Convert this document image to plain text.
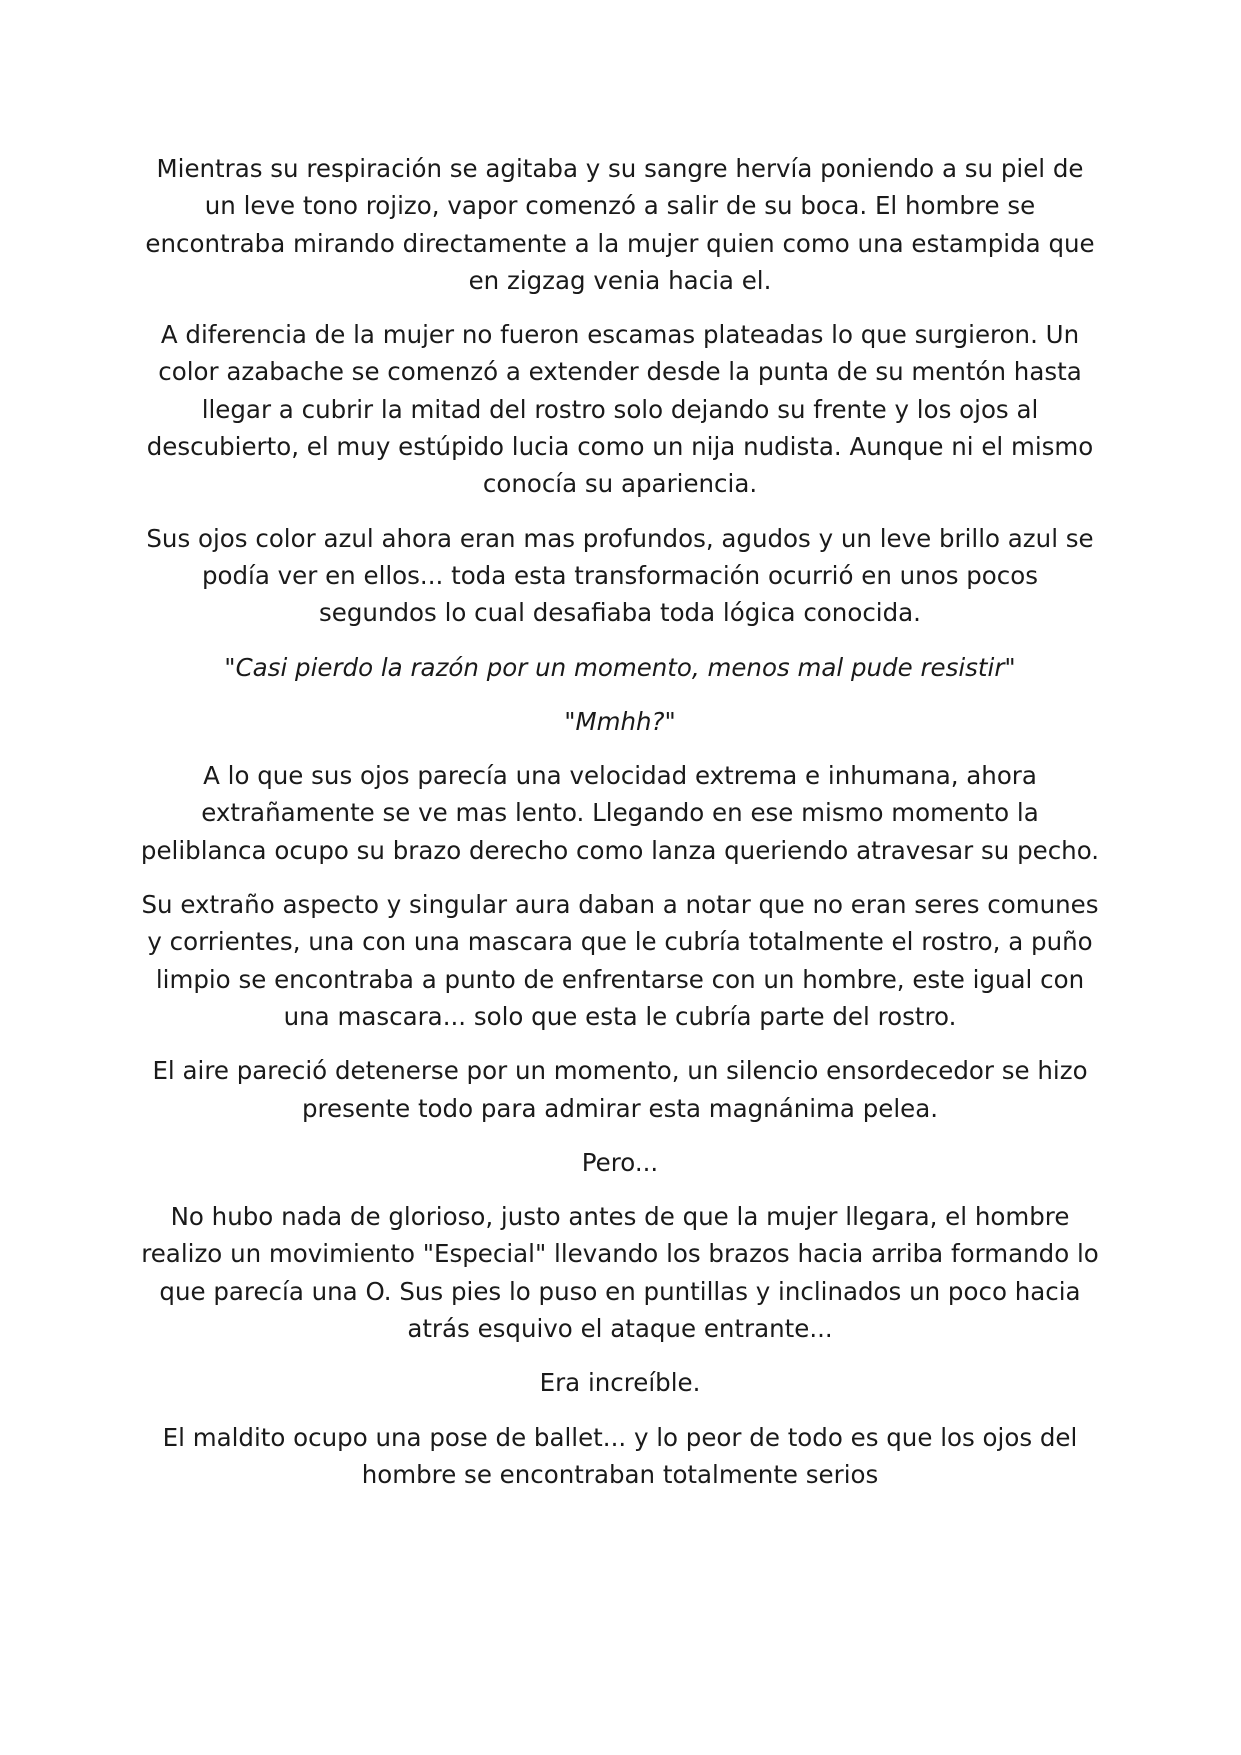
Mientras su respiración se agitaba y su sangre hervía poniendo a su piel de un leve tono rojizo, vapor comenzó a salir de su boca. El hombre se encontraba mirando directamente a la mujer quien como una estampida que en zigzag venia hacia el.

A diferencia de la mujer no fueron escamas plateadas lo que surgieron. Un color azabache se comenzó a extender desde la punta de su mentón hasta llegar a cubrir la mitad del rostro solo dejando su frente y los ojos al descubierto, el muy estúpido lucia como un nija nudista. Aunque ni el mismo conocía su apariencia.

Sus ojos color azul ahora eran mas profundos, agudos y un leve brillo azul se podía ver en ellos... toda esta transformación ocurrió en unos pocos segundos lo cual desafiaba toda lógica conocida.

"Casi pierdo la razón por un momento, menos mal pude resistir"

"Mmhh?"

A lo que sus ojos parecía una velocidad extrema e inhumana, ahora extrañamente se ve mas lento. Llegando en ese mismo momento la peliblanca ocupo su brazo derecho como lanza queriendo atravesar su pecho.

Su extraño aspecto y singular aura daban a notar que no eran seres comunes y corrientes, una con una mascara que le cubría totalmente el rostro, a puño limpio se encontraba a punto de enfrentarse con un hombre, este igual con una mascara... solo que esta le cubría parte del rostro.

El aire pareció detenerse por un momento, un silencio ensordecedor se hizo presente todo para admirar esta magnánima pelea.

Pero...

No hubo nada de glorioso, justo antes de que la mujer llegara, el hombre realizo un movimiento "Especial" llevando los brazos hacia arriba formando lo que parecía una O. Sus pies lo puso en puntillas y inclinados un poco hacia atrás esquivo el ataque entrante...

Era increíble.

El maldito ocupo una pose de ballet... y lo peor de todo es que los ojos del hombre se encontraban totalmente serios
